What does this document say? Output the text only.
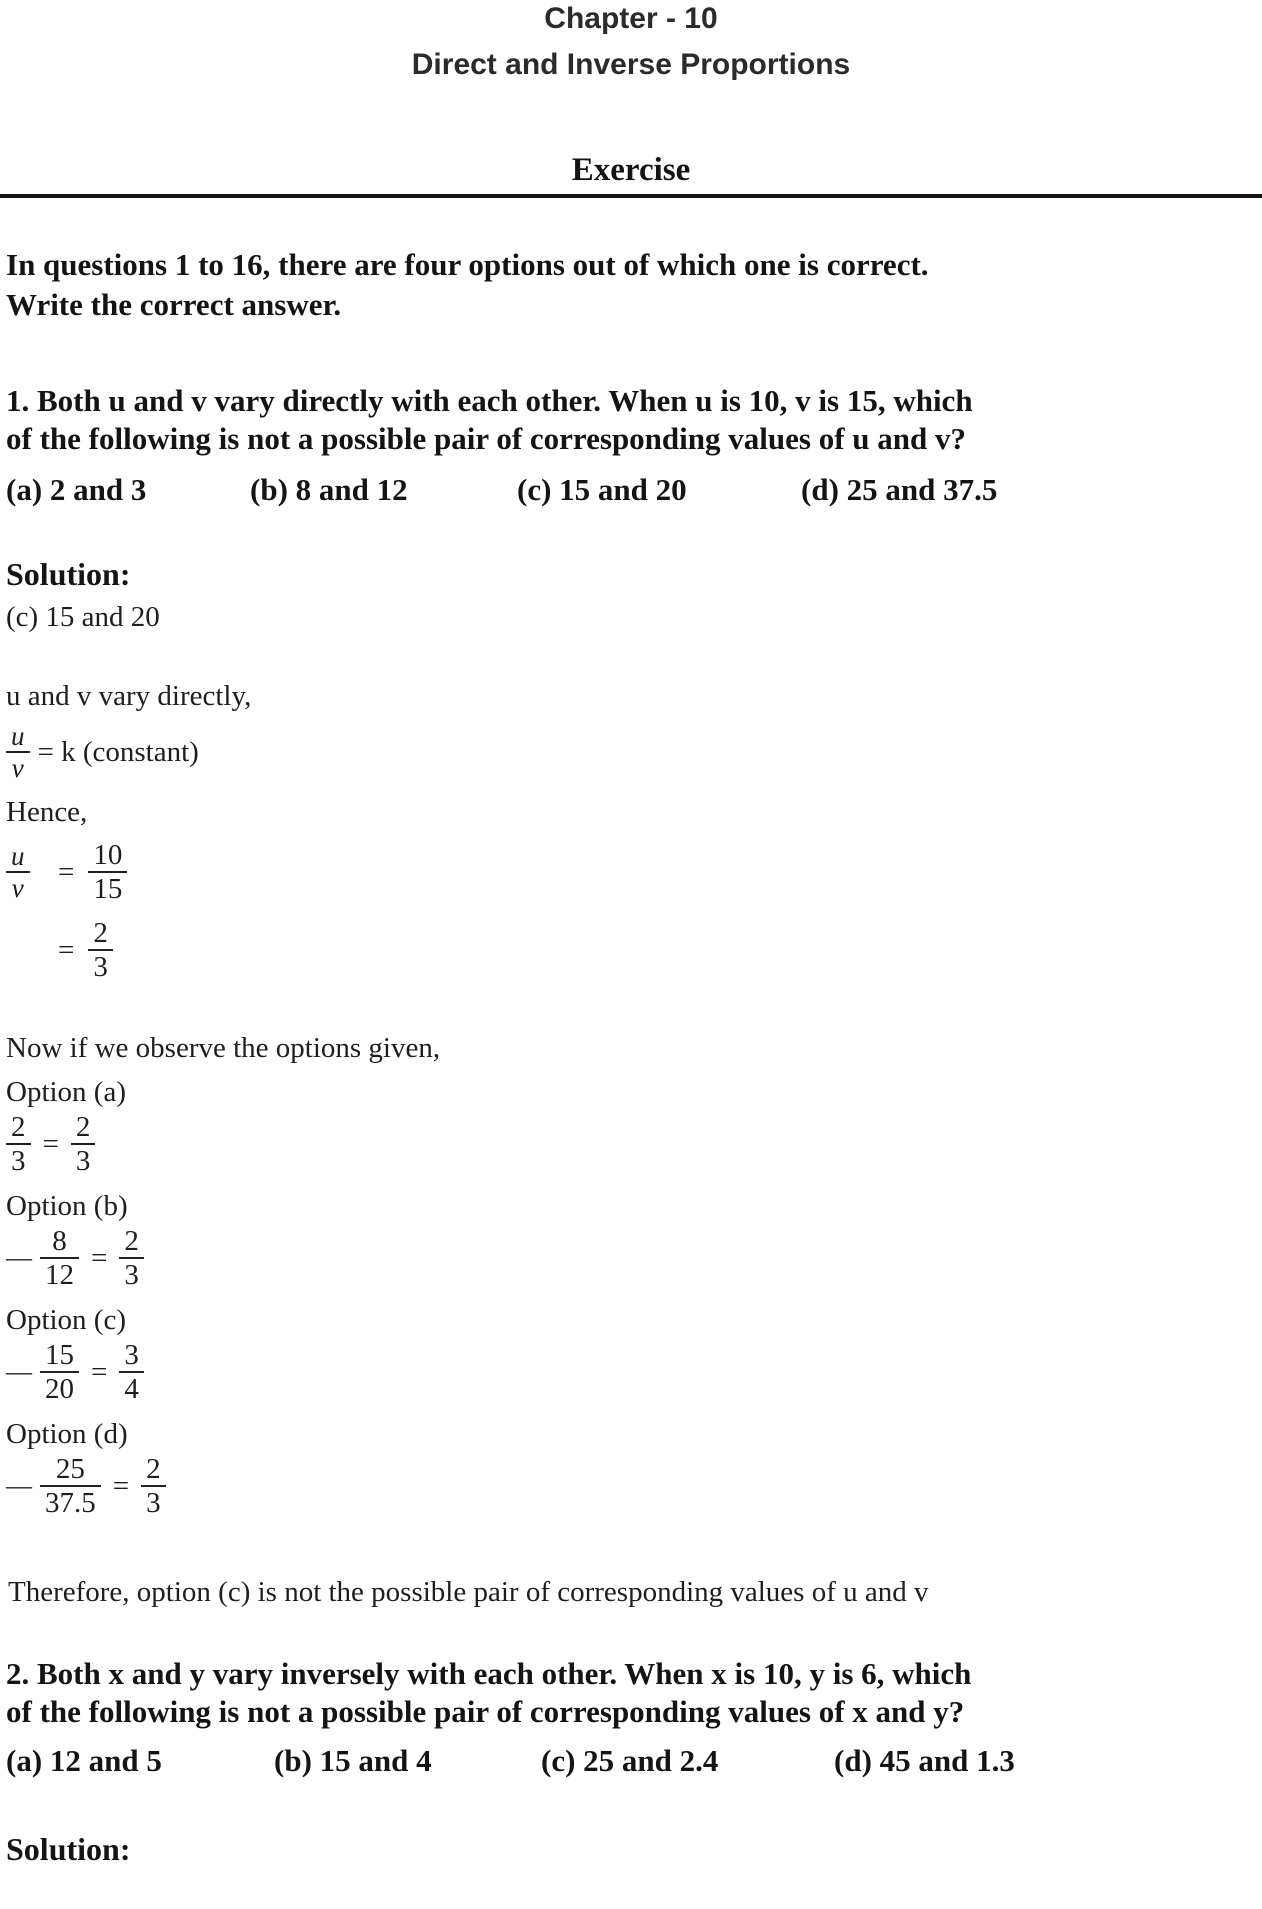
Chapter - 10
Direct and Inverse Proportions
Exercise
In questions 1 to 16, there are four options out of which one is correct.
Write the correct answer.
1. Both u and v vary directly with each other. When u is 10, v is 15, which
of the following is not a possible pair of corresponding values of u and v?
(a) 2 and 3	(b) 8 and 12	(c) 15 and 20	(d) 25 and 37.5
Solution:
(c) 15 and 20
u and v vary directly,
$\frac{u}{v} = k$ (constant)
Hence,
$\frac{u}{v} = \frac{10}{15}$
= $\frac{2}{3}$
Now if we observe the options given,
Option (a)
$\frac{2}{3} = \frac{2}{3}$
Option (b)
— $\frac{8}{12} = \frac{2}{3}$
Option (c)
— $\frac{15}{20} = \frac{3}{4}$
Option (d)
— $\frac{25}{37.5} = \frac{2}{3}$
Therefore, option (c) is not the possible pair of corresponding values of u and v
2. Both x and y vary inversely with each other. When x is 10, y is 6, which
of the following is not a possible pair of corresponding values of x and y?
(a) 12 and 5	(b) 15 and 4	(c) 25 and 2.4	(d) 45 and 1.3
Solution:
